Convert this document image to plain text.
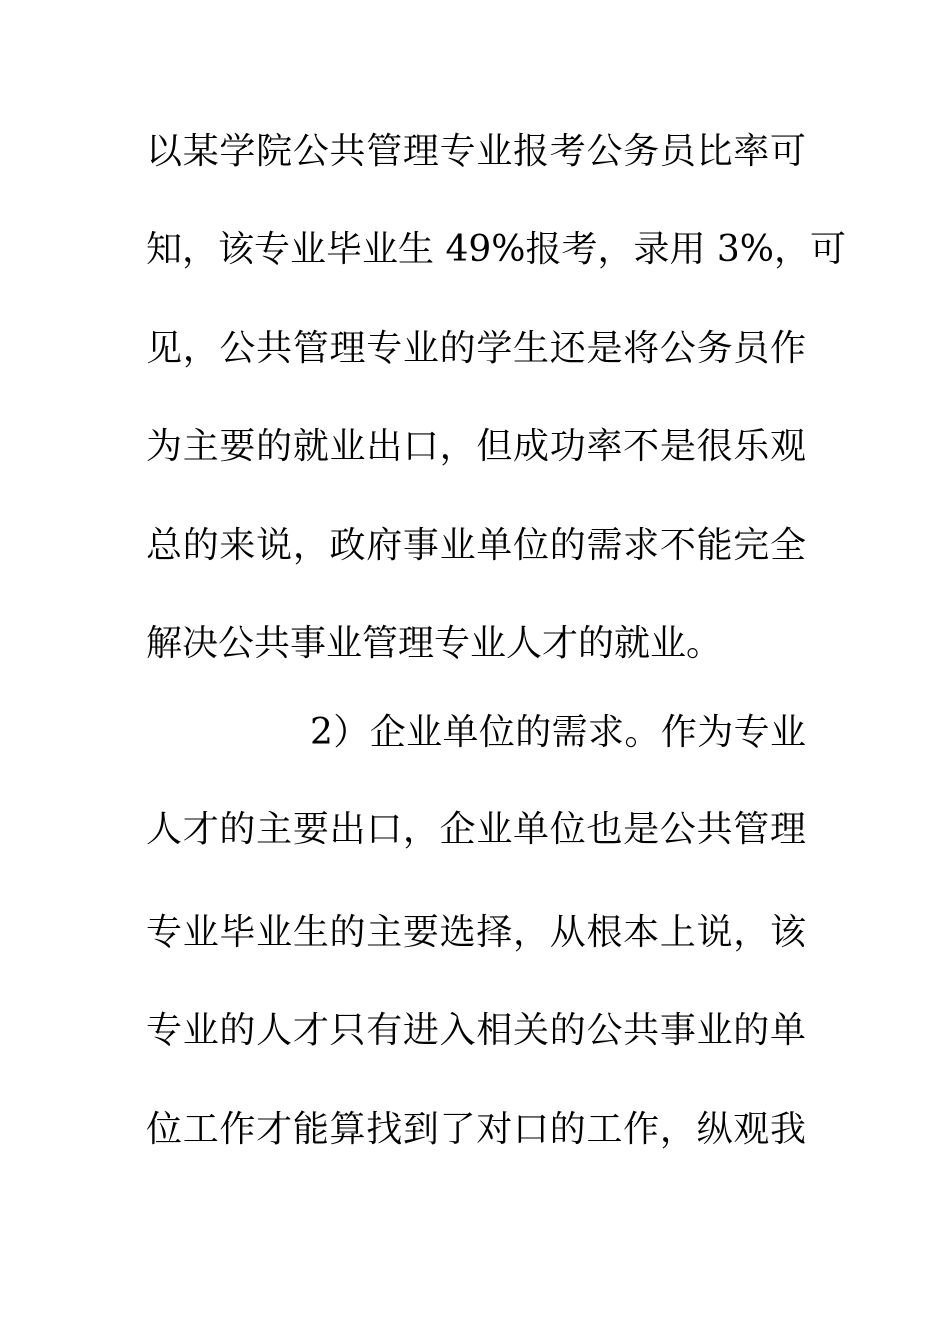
以某学院公共管理专业报考公务员比率可
知，该专业毕业生 49%报考，录用 3%，可
见，公共管理专业的学生还是将公务员作
为主要的就业出口，但成功率不是很乐观
总的来说，政府事业单位的需求不能完全
解决公共事业管理专业人才的就业。
2）企业单位的需求。作为专业
人才的主要出口，企业单位也是公共管理
专业毕业生的主要选择，从根本上说，该
专业的人才只有进入相关的公共事业的单
位工作才能算找到了对口的工作，纵观我
